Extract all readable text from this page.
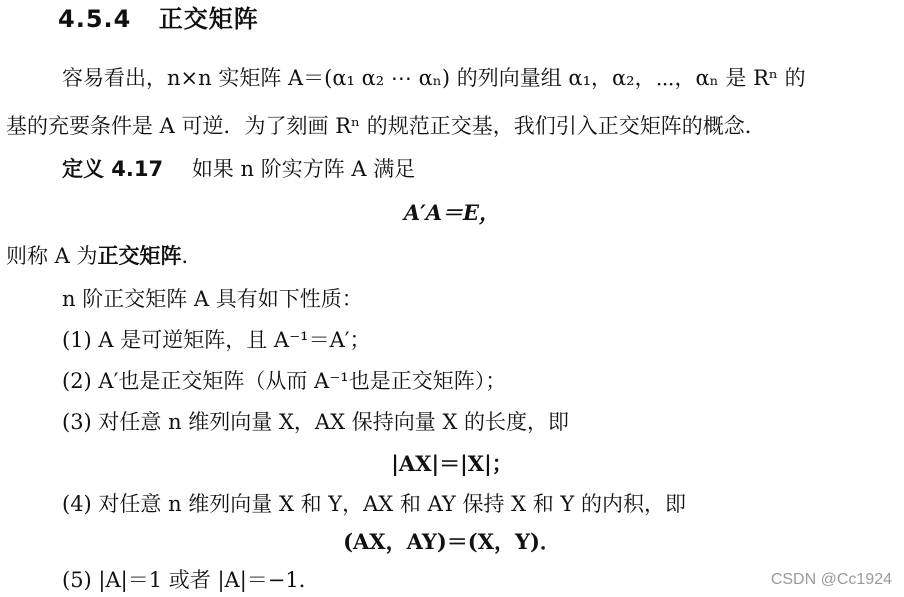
4.5.4 正交矩阵
容易看出，n×n 实矩阵 A＝(α₁ α₂ ⋯ αₙ) 的列向量组 α₁，α₂，⋯，αₙ 是 Rⁿ 的
基的充要条件是 A 可逆．为了刻画 Rⁿ 的规范正交基，我们引入正交矩阵的概念．
定义 4.17 如果 n 阶实方阵 A 满足
A′A＝E，
则称 A 为正交矩阵．
n 阶正交矩阵 A 具有如下性质：
(1) A 是可逆矩阵，且 A⁻¹＝A′；
(2) A′也是正交矩阵（从而 A⁻¹也是正交矩阵）；
(3) 对任意 n 维列向量 X，AX 保持向量 X 的长度，即
|AX|＝|X|；
(4) 对任意 n 维列向量 X 和 Y，AX 和 AY 保持 X 和 Y 的内积，即
(AX，AY)＝(X，Y)．
(5) |A|＝1 或者 |A|＝−1．	CSDN @Cc1924
